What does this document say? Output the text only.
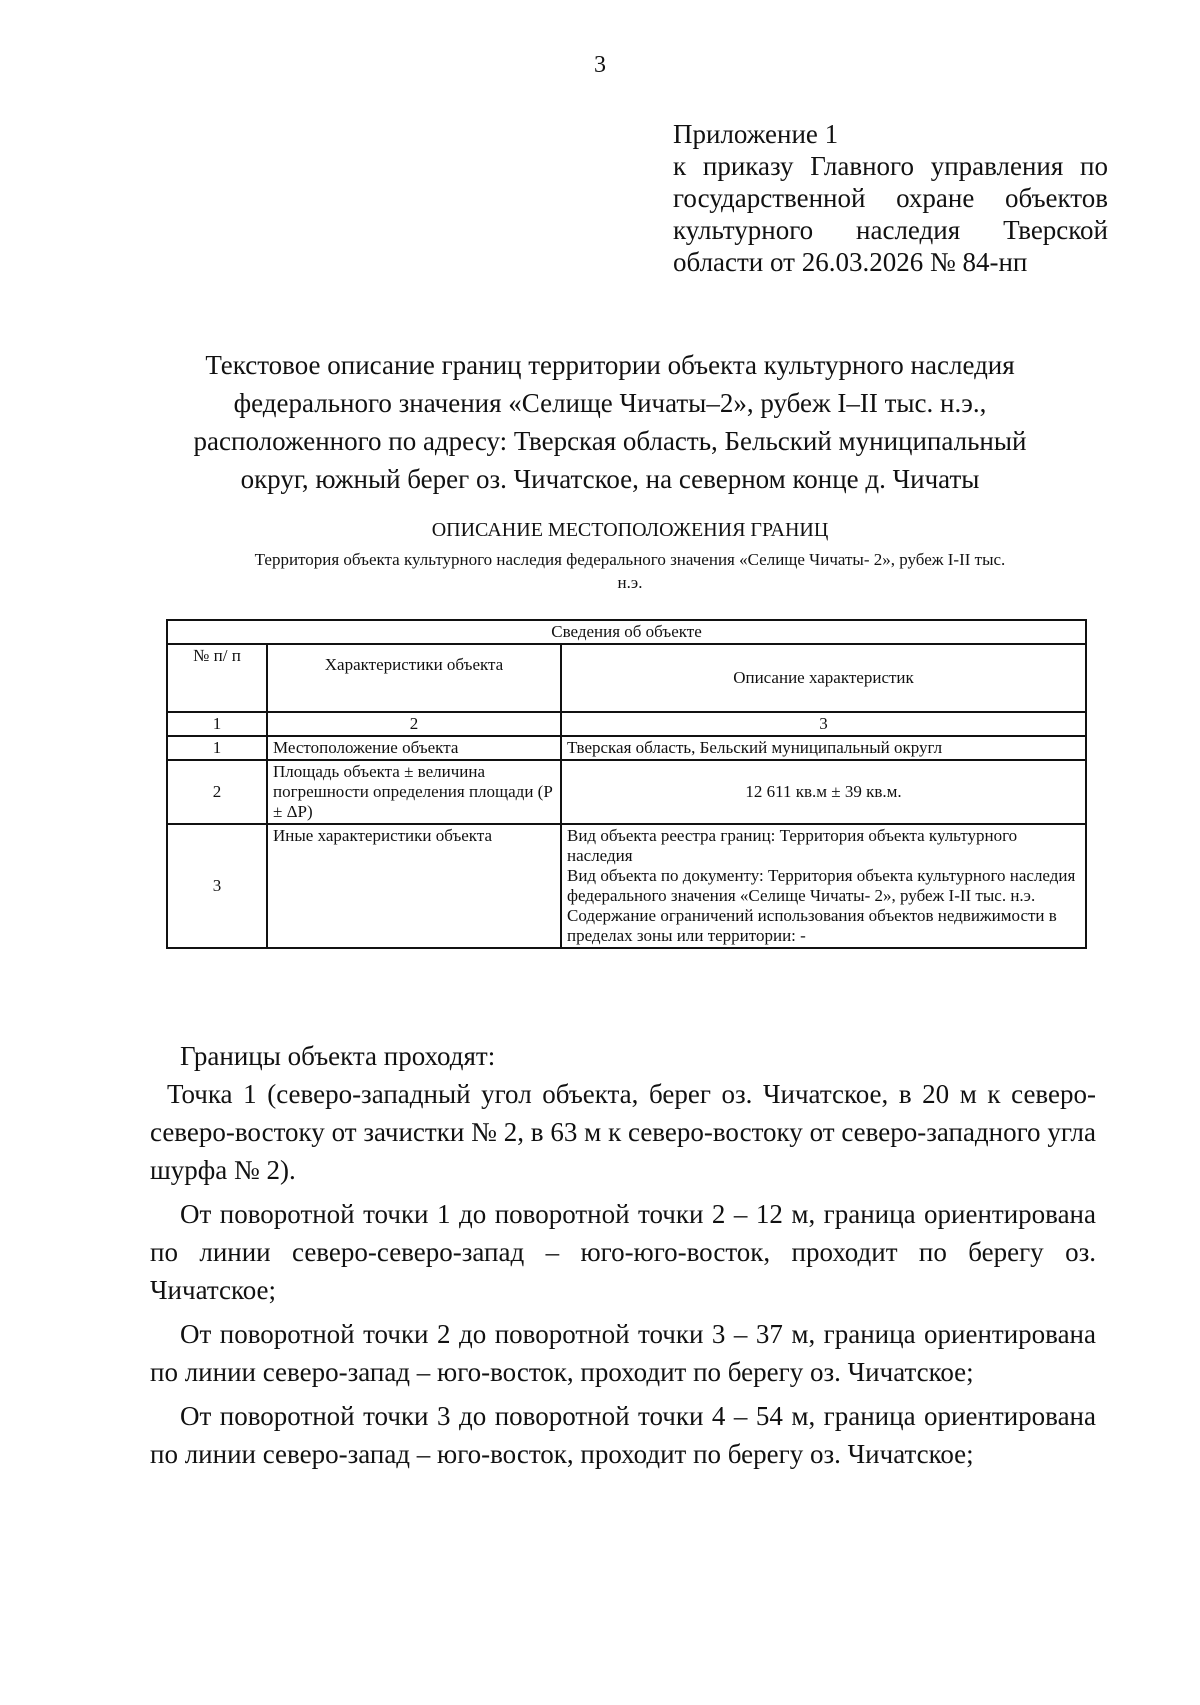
3
Приложение 1
к приказу Главного управления по
государственной охране объектов
культурного наследия Тверской
области от 26.03.2026 № 84-нп
Текстовое описание границ территории объекта культурного наследия
федерального значения «Селище Чичаты–2», рубеж I–II тыс. н.э.,
расположенного по адресу: Тверская область, Бельский муниципальный
округ, южный берег оз. Чичатское, на северном конце д. Чичаты
ОПИСАНИЕ МЕСТОПОЛОЖЕНИЯ ГРАНИЦ
Территория объекта культурного наследия федерального значения «Селище Чичаты- 2», рубеж I-II тыс.
н.э.
Сведения об объекте		
№ п/ п	Характеристики объекта	Описание характеристик
1	2	3
1	Местоположение объекта	Тверская область, Бельский муниципальный округл
2	Площадь объекта ± величина погрешности определения площади (Р ± ΔР)	12 611 кв.м ± 39 кв.м.
3	Иные характеристики объекта	Вид объекта реестра границ: Территория объекта культурного наследия
Вид объекта по документу: Территория объекта культурного наследия федерального значения «Селище Чичаты- 2», рубеж I-II тыс. н.э.
Содержание ограничений использования объектов недвижимости в пределах зоны или территории: -
Границы объекта проходят:
Точка 1 (северо-западный угол объекта, берег оз. Чичатское, в 20 м к северо-северо-востоку от зачистки № 2, в 63 м к северо-востоку от северо-западного угла шурфа № 2).
От поворотной точки 1 до поворотной точки 2 – 12 м, граница ориентирована по линии северо-северо-запад – юго-юго-восток, проходит по берегу оз. Чичатское;
От поворотной точки 2 до поворотной точки 3 – 37 м, граница ориентирована по линии северо-запад – юго-восток, проходит по берегу оз. Чичатское;
От поворотной точки 3 до поворотной точки 4 – 54 м, граница ориентирована по линии северо-запад – юго-восток, проходит по берегу оз. Чичатское;
